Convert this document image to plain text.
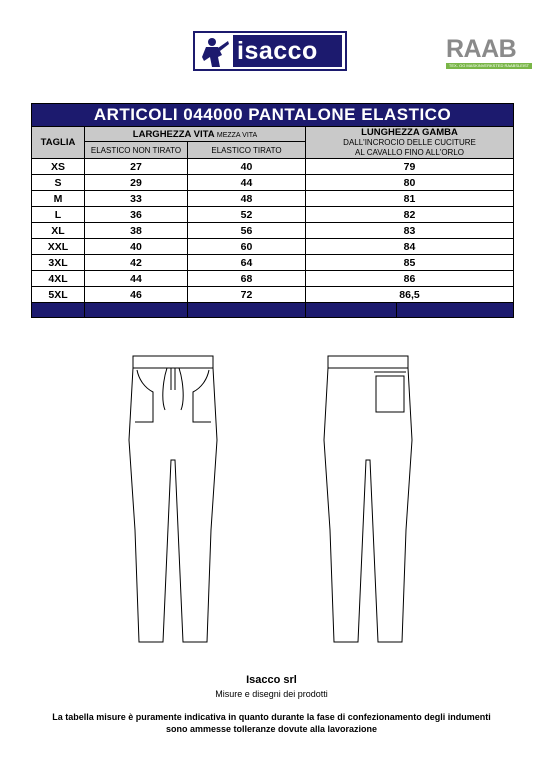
isacco	RAAB
TEX- OG MASKINVERKSTED RAABSLEIST
ARTICOLI 044000 PANTALONE ELASTICO				
TAGLIA	LARGHEZZA VITA MEZZA VITA		LUNGHEZZA GAMBA
DALL'INCROCIO DELLE CUCITURE
AL CAVALLO FINO ALL'ORLO	

	ELASTICO NON TIRATO	ELASTICO TIRATO		
XS	27	40	79	
S	29	44	80	
M	33	48	81	
L	36	52	82	
XL	38	56	83	
XXL	40	60	84	
3XL	42	64	85	
4XL	44	68	86	
5XL	46	72	86,5	

Isacco srl
Misure e disegni dei prodotti
La tabella misure è puramente indicativa in quanto durante la fase di confezionamento degli indumenti
sono ammesse tolleranze dovute alla lavorazione
